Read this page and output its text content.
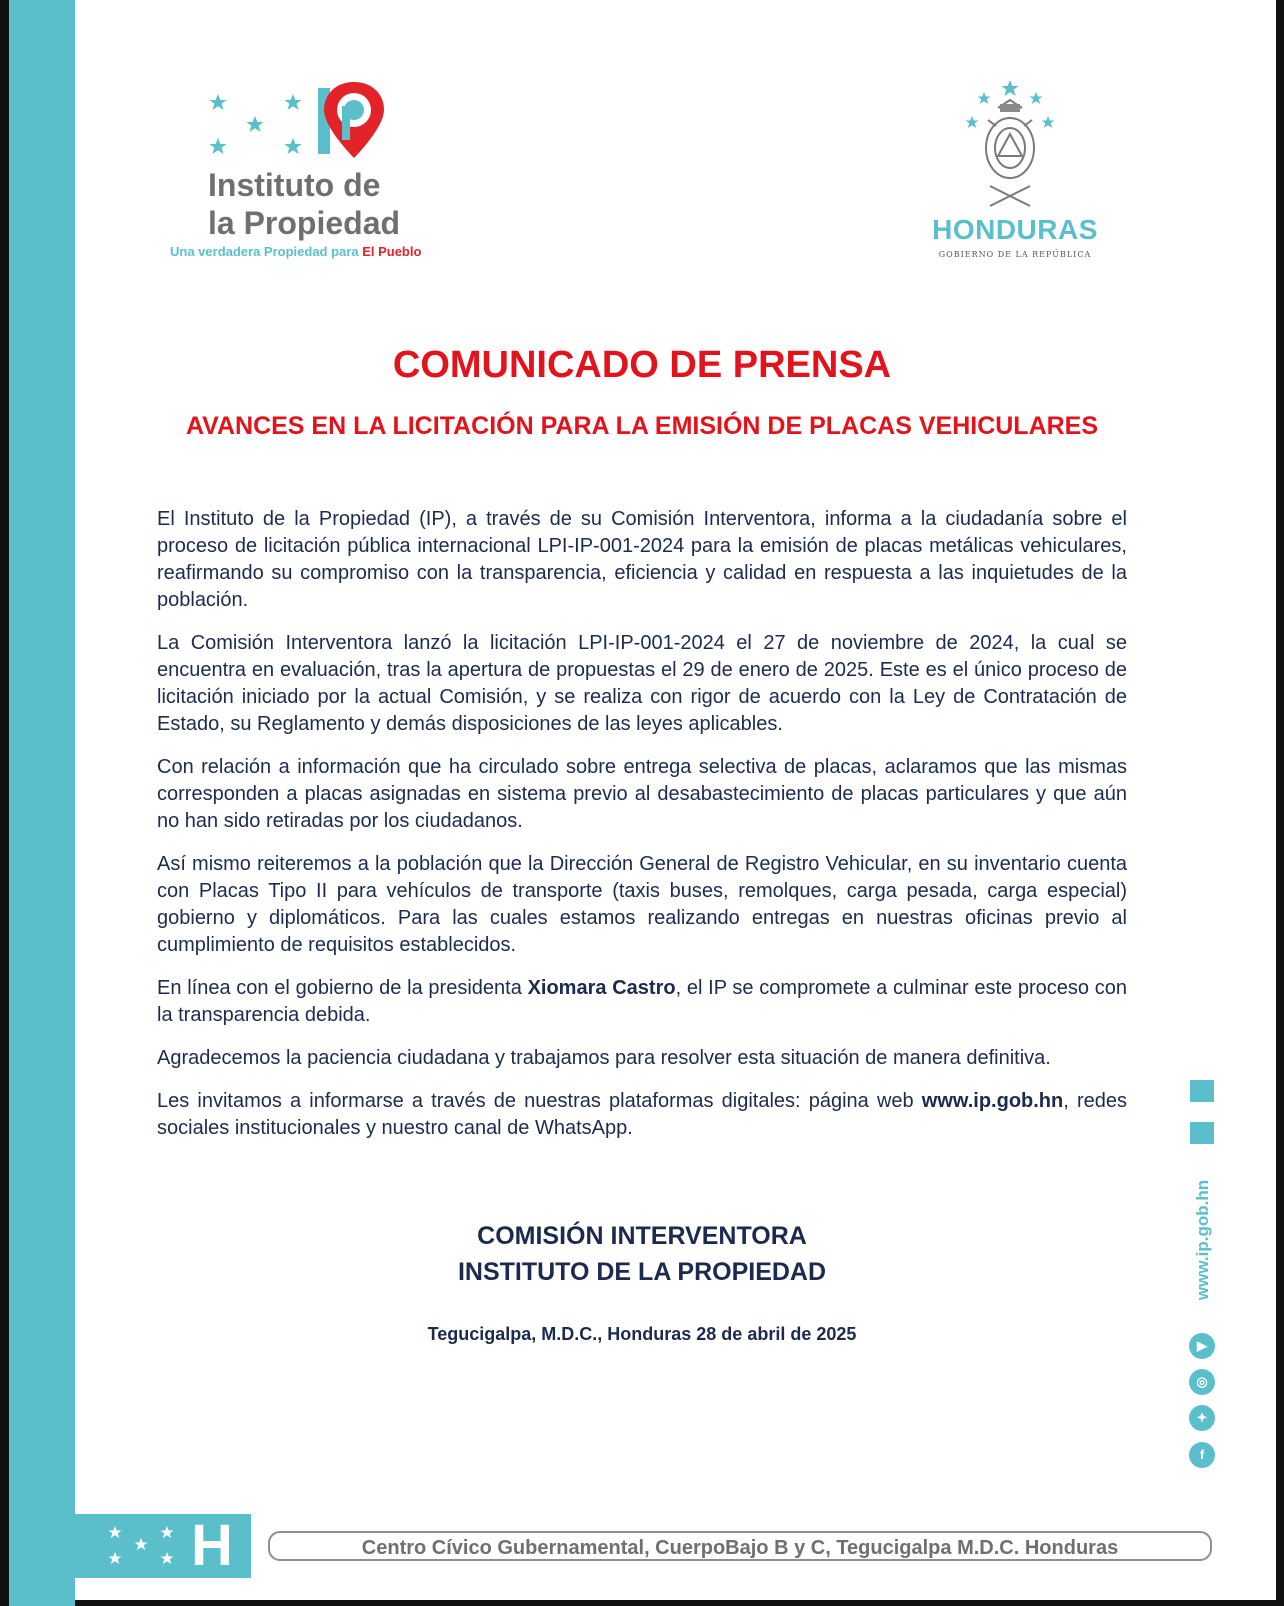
Instituto de
la Propiedad
Una verdadera Propiedad para El Pueblo
HONDURAS
GOBIERNO DE LA REPÚBLICA
COMUNICADO DE PRENSA
AVANCES EN LA LICITACIÓN PARA LA EMISIÓN DE PLACAS VEHICULARES

El Instituto de la Propiedad (IP), a través de su Comisión Interventora, informa a la ciudadanía sobre el proceso de licitación pública internacional LPI-IP-001-2024 para la emisión de placas metálicas vehiculares, reafirmando su compromiso con la transparencia, eficiencia y calidad en respuesta a las inquietudes de la población.

La Comisión Interventora lanzó la licitación LPI-IP-001-2024 el 27 de noviembre de 2024, la cual se encuentra en evaluación, tras la apertura de propuestas el 29 de enero de 2025. Este es el único proceso de licitación iniciado por la actual Comisión, y se realiza con rigor de acuerdo con la Ley de Contratación de Estado, su Reglamento y demás disposiciones de las leyes aplicables.

Con relación a información que ha circulado sobre entrega selectiva de placas, aclaramos que las mismas corresponden a placas asignadas en sistema previo al desabastecimiento de placas particulares y que aún no han sido retiradas por los ciudadanos.

Así mismo reiteremos a la población que la Dirección General de Registro Vehicular, en su inventario cuenta con Placas Tipo II para vehículos de transporte (taxis buses, remolques, carga pesada, carga especial) gobierno y diplomáticos. Para las cuales estamos realizando entregas en nuestras oficinas previo al cumplimiento de requisitos establecidos.

En línea con el gobierno de la presidenta Xiomara Castro, el IP se compromete a culminar este proceso con la transparencia debida.

Agradecemos la paciencia ciudadana y trabajamos para resolver esta situación de manera definitiva.

Les invitamos a informarse a través de nuestras plataformas digitales: página web www.ip.gob.hn, redes sociales institucionales y nuestro canal de WhatsApp.

COMISIÓN INTERVENTORA
INSTITUTO DE LA PROPIEDAD
Tegucigalpa, M.D.C., Honduras 28 de abril de 2025
www.ip.gob.hn
▶
◎
✦
f
H	Centro Cívico Gubernamental, CuerpoBajo B y C, Tegucigalpa M.D.C. Honduras
